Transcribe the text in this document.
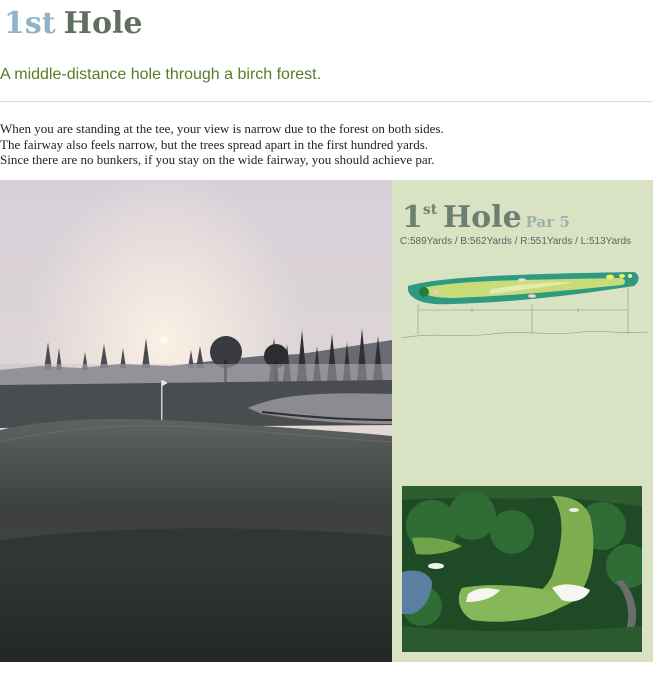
1st Hole
A middle-distance hole through a birch forest.
When you are standing at the tee, your view is narrow due to the forest on both sides.
The fairway also feels narrow, but the trees spread apart in the first hundred yards.
Since there are no bunkers, if you stay on the wide fairway, you should achieve par.
1st Hole Par 5
C:589Yards / B:562Yards / R:551Yards / L:513Yards
